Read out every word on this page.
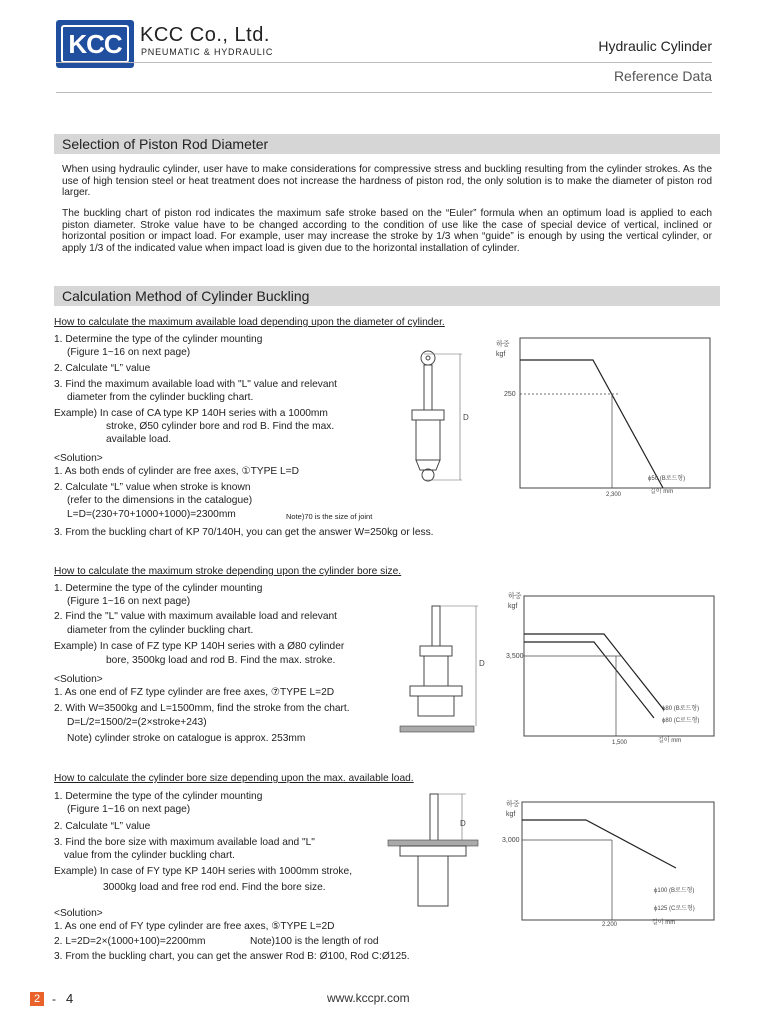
KCC KCC Co., Ltd.
PNEUMATIC & HYDRAULIC	Hydraulic Cylinder
Reference Data
Selection of Piston Rod Diameter
When using hydraulic cylinder, user have to make considerations for compressive stress and buckling resulting from the cylinder strokes. As the use of high tension steel or heat treatment does not increase the hardness of piston rod, the only solution is to make the diameter of piston rod larger.
The buckling chart of piston rod indicates the maximum safe stroke based on the “Euler” formula when an optimum load is applied to each piston diameter. Stroke value have to be changed according to the condition of use like the case of special device of vertical, inclined or horizontal position or impact load. For example, user may increase the stroke by 1/3 when “guide” is enough by using the vertical cylinder, or apply 1/3 of the indicated value when impact load is given due to the horizontal installation of cylinder.
Calculation Method of Cylinder Buckling
How to calculate the maximum available load depending upon the diameter of cylinder.
1. Determine the type of the cylinder mounting
(Figure 1~16 on next page)
2. Calculate “L” value
3. Find the maximum available load with "L" value and relevant
diameter from the cylinder buckling chart.
Example) In case of CA type KP 140H series with a 1000mm
stroke, Ø50 cylinder bore and rod B. Find the max.
available load.
<Solution>
1. As both ends of cylinder are free axes, ①TYPE L=D
2. Calculate “L” value when stroke is known
(refer to the dimensions in the catalogue)
L=D=(230+70+1000+1000)=2300mm	Note)70 is the size of joint
3. From the buckling chart of KP 70/140H, you can get the answer W=250kg or less.
D
하중
kgf
250
2,300	길이 mm
ϕ50 (B로드형)
How to calculate the maximum stroke depending upon the cylinder bore size.
1. Determine the type of the cylinder mounting
(Figure 1~16 on next page)
2. Find the "L" value with maximum available load and relevant
diameter from the cylinder buckling chart.
Example) In case of FZ type KP 140H series with a Ø80 cylinder
bore, 3500kg load and rod B. Find the max. stroke.
<Solution>
1. As one end of FZ type cylinder are free axes, ⑦TYPE L=2D
2. With W=3500kg and L=1500mm, find the stroke from the chart.
D=L/2=1500/2=(2×stroke+243)
Note) cylinder stroke on catalogue is approx. 253mm
D
하중
kgf
3,500
1,500	길이 mm
ϕ80 (B로드형)
ϕ80 (C로드형)
How to calculate the cylinder bore size depending upon the max. available load.
1. Determine the type of the cylinder mounting
(Figure 1~16 on next page)
2. Calculate “L” value
3. Find the bore size with maximum available load and "L"
value from the cylinder buckling chart.
Example) In case of FY type KP 140H series with 1000mm stroke,
3000kg load and free rod end. Find the bore size.
<Solution>
1. As one end of FY type cylinder are free axes, ⑤TYPE L=2D
2. L=2D=2×(1000+100)=2200mm	Note)100 is the length of rod
3. From the buckling chart, you can get the answer Rod B: Ø100, Rod C:Ø125.
D
하중
kgf
3,000
2,200	길이 mm
ϕ100 (B로드형)
ϕ125 (C로드형)
2 - 4	www.kccpr.com
